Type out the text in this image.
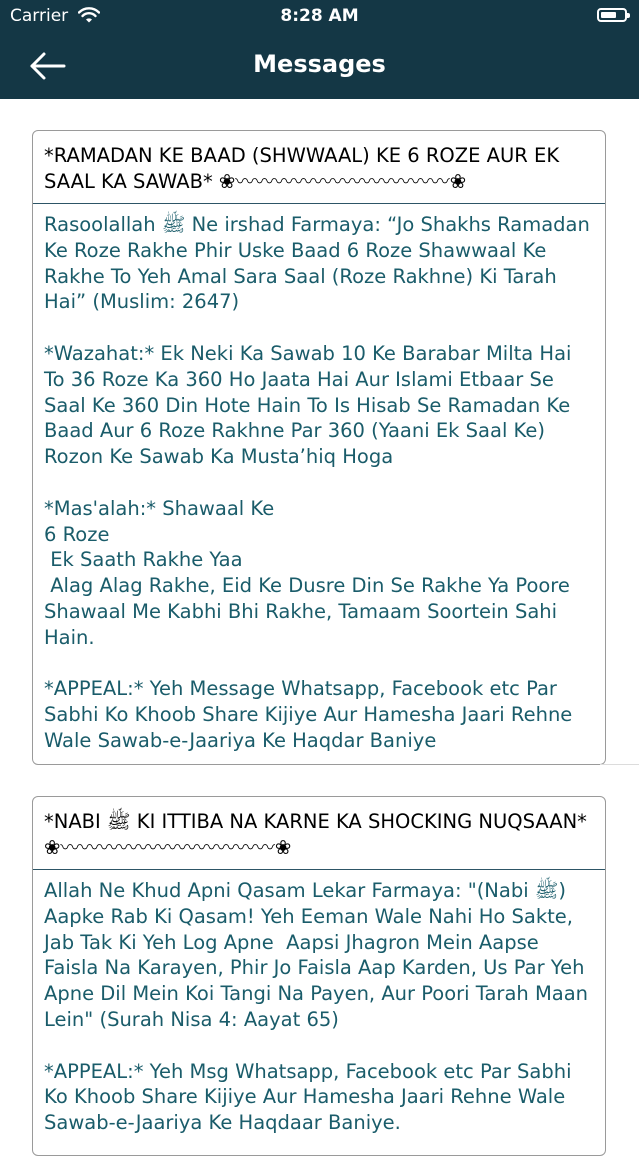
Carrier	8:28 AM
Messages
*RAMADAN KE BAAD (SHWWAAL) KE 6 ROZE AUR EK SAAL KA SAWAB* ❀〰〰〰〰〰〰〰〰〰〰〰❀
Rasoolallah ﷺ Ne irshad Farmaya: “Jo Shakhs Ramadan Ke Roze Rakhe Phir Uske Baad 6 Roze Shawwaal Ke Rakhe To Yeh Amal Sara Saal (Roze Rakhne) Ki Tarah Hai” (Muslim: 2647)
*Wazahat:* Ek Neki Ka Sawab 10 Ke Barabar Milta Hai To 36 Roze Ka 360 Ho Jaata Hai Aur Islami Etbaar Se Saal Ke 360 Din Hote Hain To Is Hisab Se Ramadan Ke Baad Aur 6 Roze Rakhne Par 360 (Yaani Ek Saal Ke) Rozon Ke Sawab Ka Musta’hiq Hoga
*Mas'alah:* Shawaal Ke
6 Roze
Ek Saath Rakhe Yaa
Alag Alag Rakhe, Eid Ke Dusre Din Se Rakhe Ya Poore Shawaal Me Kabhi Bhi Rakhe, Tamaam Soortein Sahi Hain.
*APPEAL:* Yeh Message Whatsapp, Facebook etc Par Sabhi Ko Khoob Share Kijiye Aur Hamesha Jaari Rehne Wale Sawab-e-Jaariya Ke Haqdar Baniye
*NABI ﷺ KI ITTIBA NA KARNE KA SHOCKING NUQSAAN* ❀〰〰〰〰〰〰〰〰〰〰〰❀
Allah Ne Khud Apni Qasam Lekar Farmaya: "(Nabi ﷺ) Aapke Rab Ki Qasam! Yeh Eeman Wale Nahi Ho Sakte, Jab Tak Ki Yeh Log Apne  Aapsi Jhagron Mein Aapse Faisla Na Karayen, Phir Jo Faisla Aap Karden, Us Par Yeh Apne Dil Mein Koi Tangi Na Payen, Aur Poori Tarah Maan Lein" (Surah Nisa 4: Aayat 65)
*APPEAL:* Yeh Msg Whatsapp, Facebook etc Par Sabhi Ko Khoob Share Kijiye Aur Hamesha Jaari Rehne Wale Sawab-e-Jaariya Ke Haqdaar Baniye.
